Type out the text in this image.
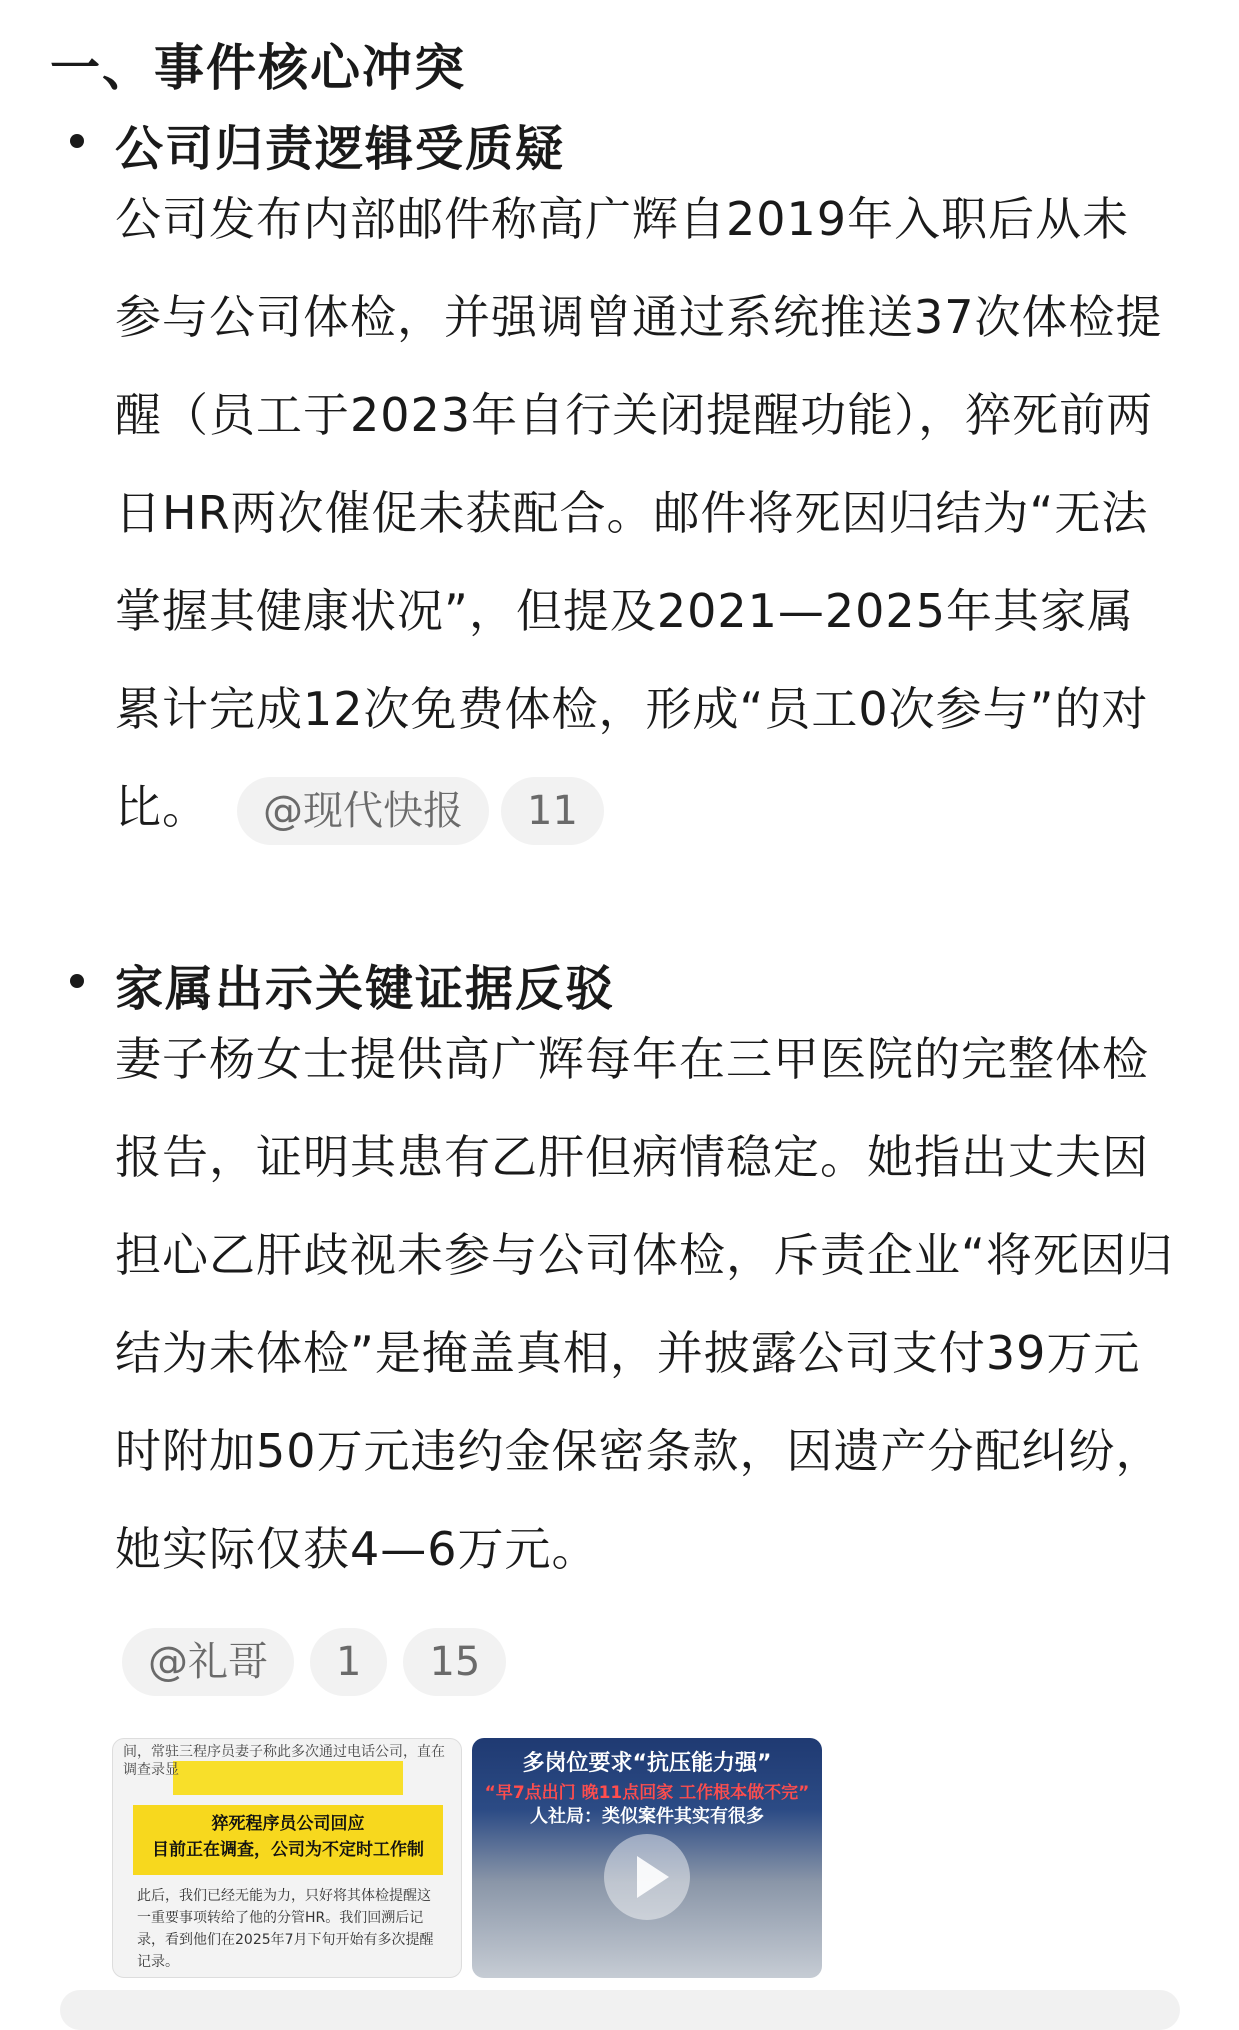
一、事件核心冲突
公司归责逻辑受质疑

公司发布内部邮件称高广辉自2019年入职后从未参与公司体检，并强调曾通过系统推送37次体检提醒（员工于2023年自行关闭提醒功能），猝死前两日HR两次催促未获配合。邮件将死因归结为“无法掌握其健康状况”，但提及2021—2025年其家属累计完成12次免费体检，形成“员工0次参与”的对比。 @现代快报 11

家属出示关键证据反驳

妻子杨女士提供高广辉每年在三甲医院的完整体检报告，证明其患有乙肝但病情稳定。她指出丈夫因担心乙肝歧视未参与公司体检，斥责企业“将死因归结为未体检”是掩盖真相，并披露公司支付39万元时附加50万元违约金保密条款，因遗产分配纠纷，她实际仅获4—6万元。

@礼哥 1 15
间，常驻三程序员妻子称此多次通过电话公司，直在调查录显
猝死程序员公司回应
目前正在调查，公司为不定时工作制
此后，我们已经无能为力，只好将其体检提醒这一重要事项转给了他的分管HR。我们回溯后记录，看到他们在2025年7月下旬开始有多次提醒记录。
多岗位要求“抗压能力强”
“早7点出门 晚11点回家 工作根本做不完”
人社局：类似案件其实有很多
